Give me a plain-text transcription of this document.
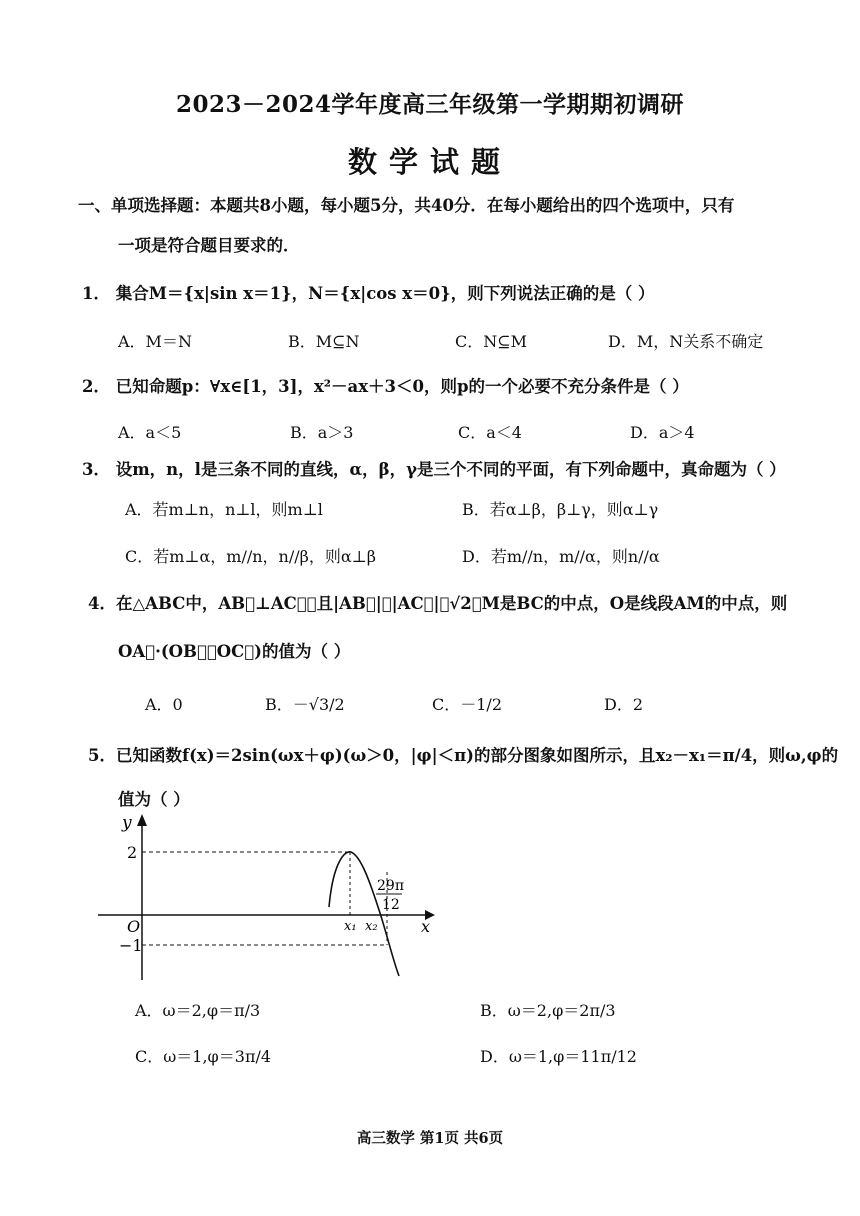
2023－2024学年度高三年级第一学期期初调研
数学试题
一、单项选择题：本题共8小题，每小题5分，共40分．在每小题给出的四个选项中，只有
一项是符合题目要求的．
1． 集合M＝{x|sin x＝1}，N＝{x|cos x＝0}，则下列说法正确的是（ ）
A．M＝N	B．M⊆N	C．N⊆M	D．M，N关系不确定
2． 已知命题p：∀x∈[1，3]，x²－ax＋3＜0，则p的一个必要不充分条件是（ ）
A．a＜5	B．a＞3	C．a＜4	D．a＞4
3． 设m，n，l是三条不同的直线，α，β，γ是三个不同的平面，有下列命题中，真命题为（ ）
A．若m⊥n，n⊥l，则m⊥l	B．若α⊥β，β⊥γ，则α⊥γ
C．若m⊥α，m//n，n//β，则α⊥β	D．若m//n，m//α，则n//α
4．在△ABC中，AB⃗⊥AC⃗，且|AB⃗|＝|AC⃗|＝√2，M是BC的中点，O是线段AM的中点，则
OA⃗·(OB⃗＋OC⃗)的值为（ ）
A．0	B．－√3/2	C．－1/2	D．2
5．已知函数f(x)＝2sin(ωx＋φ)(ω＞0，|φ|＜π)的部分图象如图所示，且x₂－x₁＝π/4，则ω,φ的
值为（ ）
y
x
O
2
−1
x₁ x₂
29π
12
A．ω＝2,φ＝π/3	B．ω＝2,φ＝2π/3
C．ω＝1,φ＝3π/4	D．ω＝1,φ＝11π/12
高三数学 第1页 共6页
